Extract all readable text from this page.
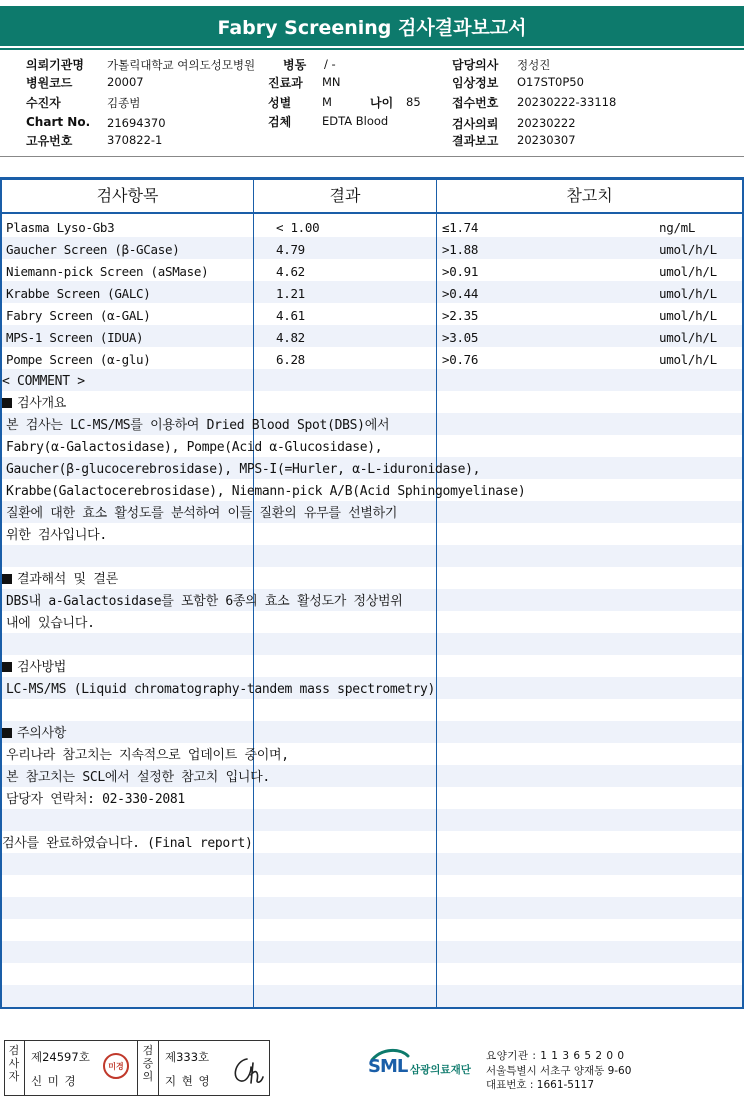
Fabry Screening 검사결과보고서
의뢰기관명 가톨릭대학교 여의도성모병원
병원코드	20007
수진자	김종범
Chart No. 21694370
고유번호	370822-1
병동 / -
진료과 MN
성별	M	나이 85
검체	EDTA Blood
담당의사 정성진
임상정보 O17ST0P50
접수번호 20230222-33118
검사의뢰 20230222
결과보고 20230307
검사항목	결과	참고치
Plasma Lyso-Gb3	< 1.00	≤1.74	ng/mL
Gaucher Screen (β-GCase)	4.79	>1.88	umol/h/L
Niemann-pick Screen (aSMase)	4.62	>0.91	umol/h/L
Krabbe Screen (GALC)	1.21	>0.44	umol/h/L
Fabry Screen (α-GAL)	4.61	>2.35	umol/h/L
MPS-1 Screen (IDUA)	4.82	>3.05	umol/h/L
Pompe Screen (α-glu)	6.28	>0.76	umol/h/L
< COMMENT >
검사개요
본 검사는 LC-MS/MS를 이용하여 Dried Blood Spot(DBS)에서
Fabry(α-Galactosidase), Pompe(Acid α-Glucosidase),
Gaucher(β-glucocerebrosidase), MPS-I(=Hurler, α-L-iduronidase),
Krabbe(Galactocerebrosidase), Niemann-pick A/B(Acid Sphingomyelinase)
질환에 대한 효소 활성도를 분석하여 이들 질환의 유무를 선별하기
위한 검사입니다.
결과해석 및 결론
DBS내 a-Galactosidase를 포함한 6종의 효소 활성도가 정상범위
내에 있습니다.
검사방법
LC-MS/MS (Liquid chromatography-tandem mass spectrometry)
주의사항
우리나라 참고치는 지속적으로 업데이트 중이며,
본 참고치는 SCL에서 설정한 참고치 입니다.
담당자 연락처: 02-330-2081
검사를 완료하였습니다. (Final report)
검사자
제24597호
신 미 경
미경
검증의
제333호
지 현 영
SML 삼광의료재단
요양기관 : 1 1 3 6 5 2 0 0
서울특별시 서초구 양재동 9-60
대표번호 : 1661-5117
